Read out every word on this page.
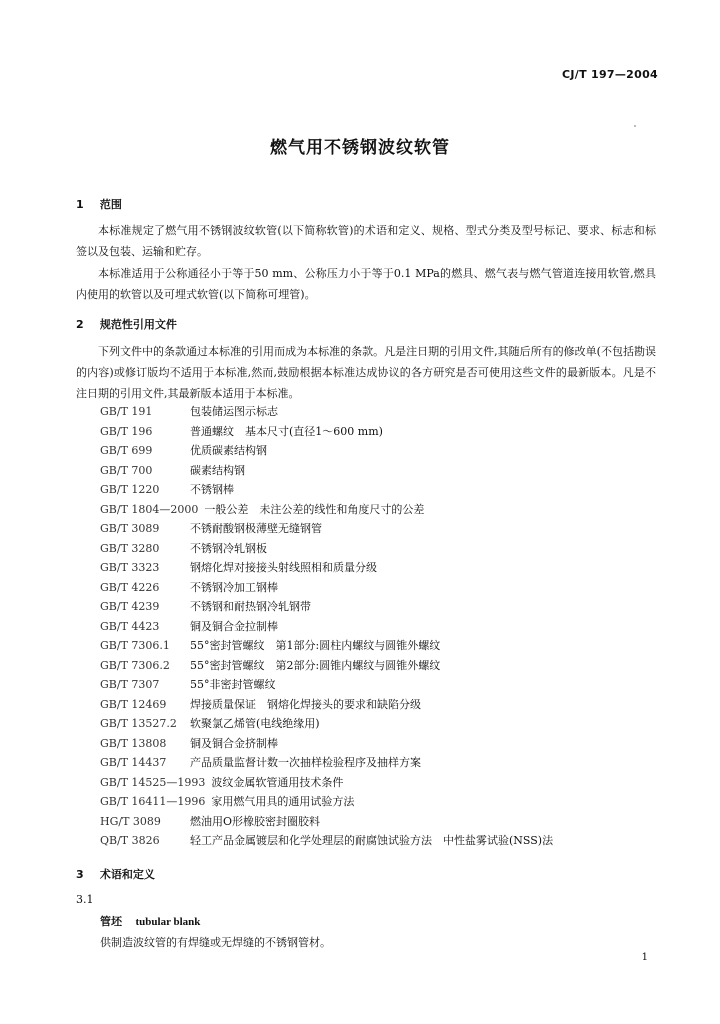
CJ/T 197—2004
燃气用不锈钢波纹软管
1 范围
本标准规定了燃气用不锈钢波纹软管(以下简称软管)的术语和定义、规格、型式分类及型号标记、要求、标志和标签以及包装、运输和贮存。
本标准适用于公称通径小于等于50 mm、公称压力小于等于0.1 MPa的燃具、燃气表与燃气管道连接用软管,燃具内使用的软管以及可埋式软管(以下简称可埋管)。
2 规范性引用文件
下列文件中的条款通过本标准的引用而成为本标准的条款。凡是注日期的引用文件,其随后所有的修改单(不包括勘误的内容)或修订版均不适用于本标准,然而,鼓励根据本标准达成协议的各方研究是否可使用这些文件的最新版本。凡是不注日期的引用文件,其最新版本适用于本标准。
GB/T 191	包装储运图示标志
GB/T 196	普通螺纹　基本尺寸(直径1～600 mm)
GB/T 699	优质碳素结构钢
GB/T 700	碳素结构钢
GB/T 1220	不锈钢棒
GB/T 1804—2000 一般公差　未注公差的线性和角度尺寸的公差
GB/T 3089	不锈耐酸钢极薄壁无缝钢管
GB/T 3280	不锈钢冷轧钢板
GB/T 3323	钢熔化焊对接接头射线照相和质量分级
GB/T 4226	不锈钢冷加工钢棒
GB/T 4239	不锈钢和耐热钢冷轧钢带
GB/T 4423	铜及铜合金拉制棒
GB/T 7306.1 55°密封管螺纹　第1部分:圆柱内螺纹与圆锥外螺纹
GB/T 7306.2 55°密封管螺纹　第2部分:圆锥内螺纹与圆锥外螺纹
GB/T 7307	55°非密封管螺纹
GB/T 12469 焊接质量保证　钢熔化焊接头的要求和缺陷分级
GB/T 13527.2 软聚氯乙烯管(电线绝缘用)
GB/T 13808 铜及铜合金挤制棒
GB/T 14437 产品质量监督计数一次抽样检验程序及抽样方案
GB/T 14525—1993 波纹金属软管通用技术条件
GB/T 16411—1996 家用燃气用具的通用试验方法
HG/T 3089	燃油用O形橡胶密封圈胶料
QB/T 3826	轻工产品金属镀层和化学处理层的耐腐蚀试验方法　中性盐雾试验(NSS)法
3 术语和定义
3.1
管坯 tubular blank
供制造波纹管的有焊缝或无焊缝的不锈钢管材。
1
